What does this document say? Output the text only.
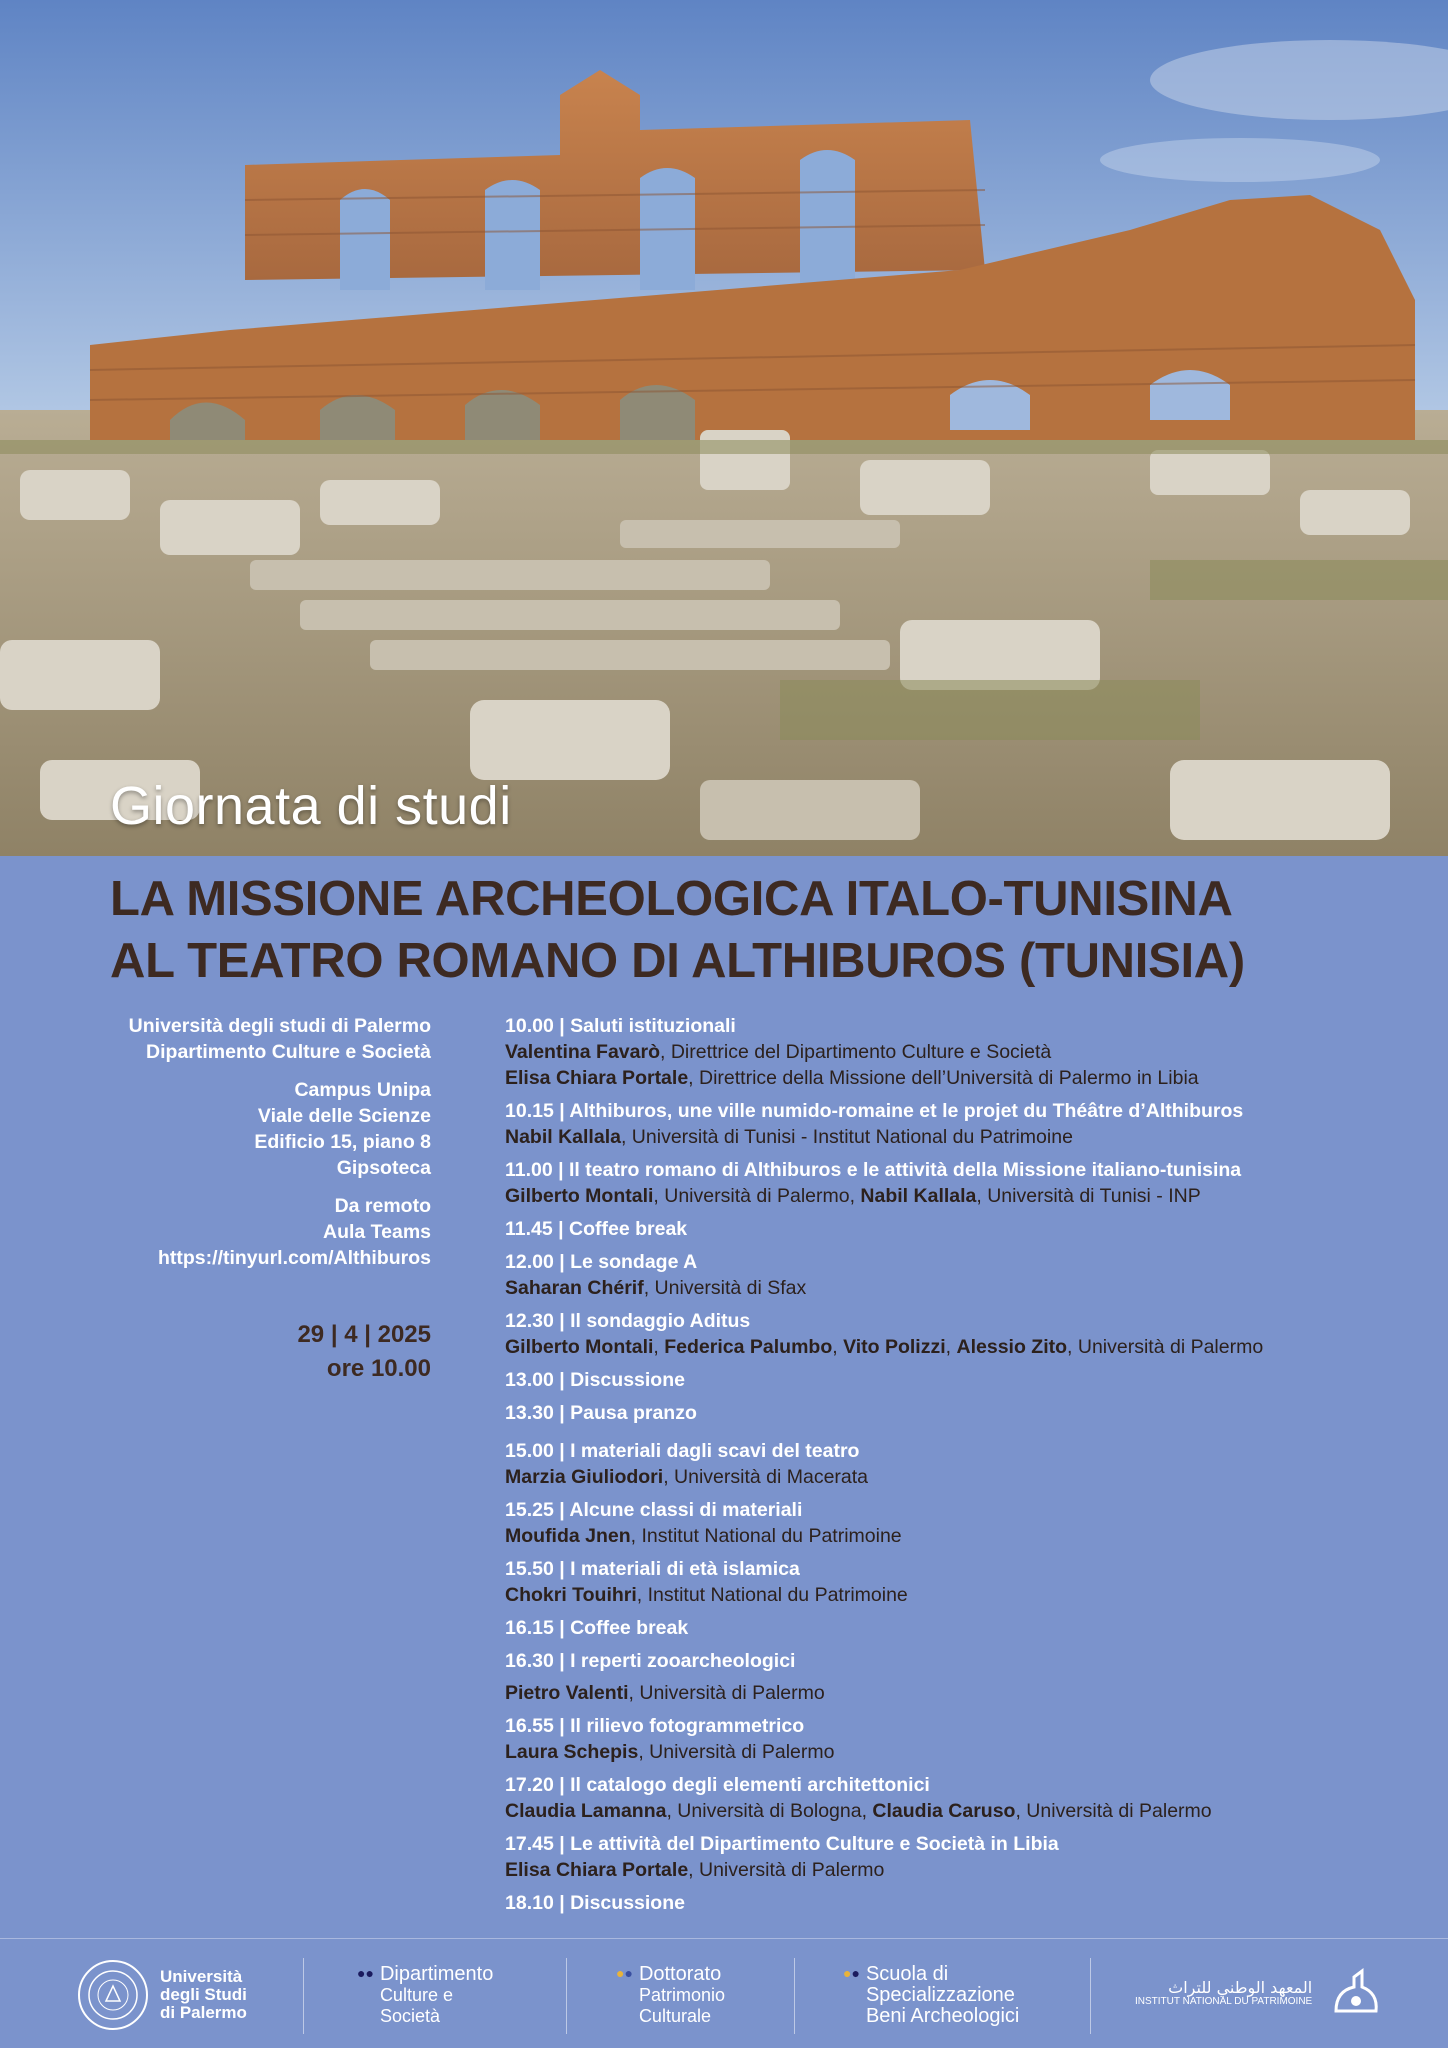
Giornata di studi
LA MISSIONE ARCHEOLOGICA ITALO-TUNISINA
AL TEATRO ROMANO DI ALTHIBUROS (TUNISIA)
Università degli studi di Palermo
Dipartimento Culture e Società
Campus Unipa
Viale delle Scienze
Edificio 15, piano 8
Gipsoteca
Da remoto
Aula Teams
https://tinyurl.com/Althiburos
29 | 4 | 2025
ore 10.00
10.00 | Saluti istituzionali
Valentina Favarò, Direttrice del Dipartimento Culture e Società
Elisa Chiara Portale, Direttrice della Missione dell’Università di Palermo in Libia
10.15 | Althiburos, une ville numido-romaine et le projet du Théâtre d’Althiburos
Nabil Kallala, Università di Tunisi - Institut National du Patrimoine
11.00 | Il teatro romano di Althiburos e le attività della Missione italiano-tunisina
Gilberto Montali, Università di Palermo, Nabil Kallala, Università di Tunisi - INP
11.45 | Coffee break
12.00 | Le sondage A
Saharan Chérif, Università di Sfax
12.30 | Il sondaggio Aditus
Gilberto Montali, Federica Palumbo, Vito Polizzi, Alessio Zito, Università di Palermo
13.00 | Discussione
13.30 | Pausa pranzo
15.00 | I materiali dagli scavi del teatro
Marzia Giuliodori, Università di Macerata
15.25 | Alcune classi di materiali
Moufida Jnen, Institut National du Patrimoine
15.50 | I materiali di età islamica
Chokri Touihri, Institut National du Patrimoine
16.15 | Coffee break
16.30 | I reperti zooarcheologici
Pietro Valenti, Università di Palermo
16.55 | Il rilievo fotogrammetrico
Laura Schepis, Università di Palermo
17.20 | Il catalogo degli elementi architettonici
Claudia Lamanna, Università di Bologna, Claudia Caruso, Università di Palermo
17.45 | Le attività del Dipartimento Culture e Società in Libia
Elisa Chiara Portale, Università di Palermo
18.10 | Discussione
Università
degli Studi
di Palermo
●● Dipartimento
Culture e
Società
●● Dottorato
Patrimonio
Culturale
●● Scuola di
Specializzazione
Beni Archeologici
المعهد الوطني للتراث
INSTITUT NATIONAL DU PATRIMOINE
